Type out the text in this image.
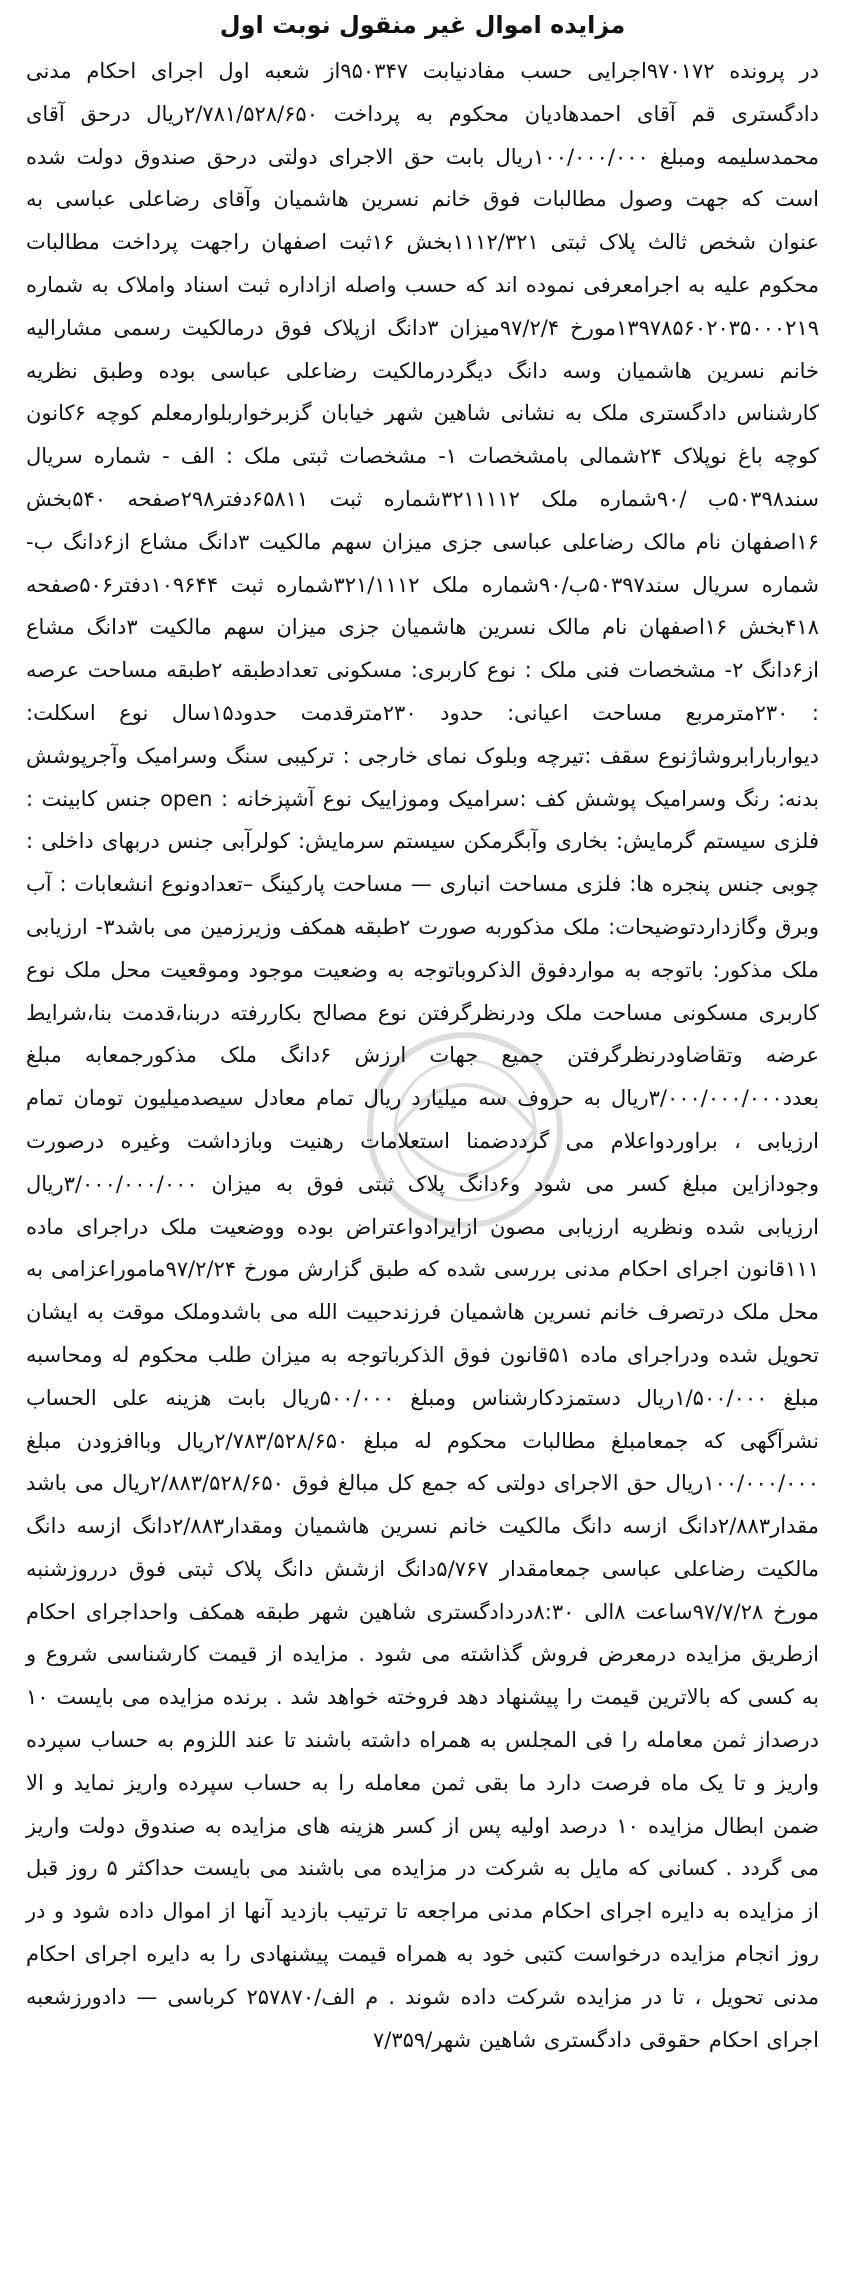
مزایده اموال غیر منقول نوبت اول

در پرونده ۹۷۰۱۷۲اجرایی حسب مفادنیابت ۹۵۰۳۴۷از شعبه اول اجرای احکام مدنی دادگستری قم آقای احمدهادیان محکوم به پرداخت ۲/۷۸۱/۵۲۸/۶۵۰ریال درحق آقای محمدسلیمه ومبلغ ۱۰۰/۰۰۰/۰۰۰ریال بابت حق الاجرای دولتی درحق صندوق دولت شده است که جهت وصول مطالبات فوق خانم نسرین هاشمیان وآقای رضاعلی عباسی به عنوان شخص ثالث پلاک ثبتی ۱۱۱۲/۳۲۱بخش ۱۶ثبت اصفهان راجهت پرداخت مطالبات محکوم علیه به اجرامعرفی نموده اند که حسب واصله ازاداره ثبت اسناد واملاک به شماره ۱۳۹۷۸۵۶۰۲۰۳۵۰۰۰۲۱۹مورخ ۹۷/۲/۴میزان ۳دانگ ازپلاک فوق درمالکیت رسمی مشارالیه خانم نسرین هاشمیان وسه دانگ دیگردرمالکیت رضاعلی عباسی بوده وطبق نظریه کارشناس دادگستری ملک به نشانی شاهین شهر خیابان گزبرخواربلوارمعلم کوچه ۶کانون کوچه باغ نوپلاک ۲۴شمالی بامشخصات ۱- مشخصات ثبتی ملک : الف - شماره سریال سند۵۰۳۹۸ب /۹۰شماره ملک ۳۲۱۱۱۱۲شماره ثبت ۶۵۸۱۱دفتر۲۹۸صفحه ۵۴۰بخش ۱۶اصفهان نام مالک رضاعلی عباسی جزی میزان سهم مالکیت ۳دانگ مشاع از۶دانگ ب- شماره سریال سند۵۰۳۹۷ب/۹۰شماره ملک ۳۲۱/۱۱۱۲شماره ثبت ۱۰۹۶۴۴دفتر۵۰۶صفحه ۴۱۸بخش ۱۶اصفهان نام مالک نسرین هاشمیان جزی میزان سهم مالکیت ۳دانگ مشاع از۶دانگ ۲- مشخصات فنی ملک : نوع کاربری: مسکونی تعدادطبقه ۲طبقه مساحت عرصه : ۲۳۰مترمربع مساحت اعیانی: حدود ۲۳۰مترقدمت حدود۱۵سال نوع اسکلت: دیواربارابروشاژنوع سقف :تیرچه وبلوک نمای خارجی : ترکیبی سنگ وسرامیک وآجرپوشش بدنه: رنگ وسرامیک پوشش کف :سرامیک وموزاییک نوع آشپزخانه : open جنس کابینت : فلزی سیستم گرمایش: بخاری وآبگرمکن سیستم سرمایش: کولرآبی جنس دربهای داخلی : چوبی جنس پنجره ها: فلزی مساحت انباری — مساحت پارکینگ –تعدادونوع انشعابات : آب وبرق وگازداردتوضیحات: ملک مذکوربه صورت ۲طبقه همکف وزیرزمین می باشد۳- ارزیابی ملک مذکور: باتوجه به مواردفوق الذکروباتوجه به وضعیت موجود وموقعیت محل ملک نوع کاربری مسکونی مساحت ملک ودرنظرگرفتن نوع مصالح بکاررفته دربنا،قدمت بنا،شرایط عرضه وتقاضاودرنظرگرفتن جمیع جهات ارزش ۶دانگ ملک مذکورجمعابه مبلغ بعدد۳/۰۰۰/۰۰۰/۰۰۰ریال به حروف سه میلیارد ریال تمام معادل سیصدمیلیون تومان تمام ارزیابی ، براوردواعلام می گرددضمنا استعلامات رهنیت وبازداشت وغیره درصورت وجودازاین مبلغ کسر می شود و۶دانگ پلاک ثبتی فوق به میزان ۳/۰۰۰/۰۰۰/۰۰۰ریال ارزیابی شده ونظریه ارزیابی مصون ازایرادواعتراض بوده ووضعیت ملک دراجرای ماده ۱۱۱قانون اجرای احکام مدنی بررسی شده که طبق گزارش مورخ ۹۷/۲/۲۴ماموراعزامی به محل ملک درتصرف خانم نسرین هاشمیان فرزندحبیت الله می باشدوملک موقت به ایشان تحویل شده ودراجرای ماده ۵۱قانون فوق الذکرباتوجه به میزان طلب محکوم له ومحاسبه مبلغ ۱/۵۰۰/۰۰۰ریال دستمزدکارشناس ومبلغ ۵۰۰/۰۰۰ریال بابت هزینه علی الحساب نشرآگهی که جمعامبلغ مطالبات محکوم له مبلغ ۲/۷۸۳/۵۲۸/۶۵۰ریال وباافزودن مبلغ ۱۰۰/۰۰۰/۰۰۰ریال حق الاجرای دولتی که جمع کل مبالغ فوق ۲/۸۸۳/۵۲۸/۶۵۰ریال می باشد مقدار۲/۸۸۳دانگ ازسه دانگ مالکیت خانم نسرین هاشمیان ومقدار۲/۸۸۳دانگ ازسه دانگ مالکیت رضاعلی عباسی جمعامقدار ۵/۷۶۷دانگ ازشش دانگ پلاک ثبتی فوق درروزشنبه مورخ ۹۷/۷/۲۸ساعت ۸الی ۸:۳۰دردادگستری شاهین شهر طبقه همکف واحداجرای احکام ازطریق مزایده درمعرض فروش گذاشته می شود . مزایده از قیمت کارشناسی شروع و به کسی که بالاترین قیمت را پیشنهاد دهد فروخته خواهد شد . برنده مزایده می بایست ۱۰ درصداز ثمن معامله را فی المجلس به همراه داشته باشند تا عند اللزوم به حساب سپرده واریز و تا یک ماه فرصت دارد ما بقی ثمن معامله را به حساب سپرده واریز نماید و الا ضمن ابطال مزایده ۱۰ درصد اولیه پس از کسر هزینه های مزایده به صندوق دولت واریز می گردد . کسانی که مایل به شرکت در مزایده می باشند می بایست حداکثر ۵ روز قبل از مزایده به دایره اجرای احکام مدنی مراجعه تا ترتیب بازدید آنها از اموال داده شود و در روز انجام مزایده درخواست کتبی خود به همراه قیمت پیشنهادی را به دایره اجرای احکام مدنی تحویل ، تا در مزایده شرکت داده شوند . م الف/۲۵۷۸۷۰ کرباسی — دادورزشعبه اجرای احکام حقوقی دادگستری شاهین شهر/۷/۳۵۹
